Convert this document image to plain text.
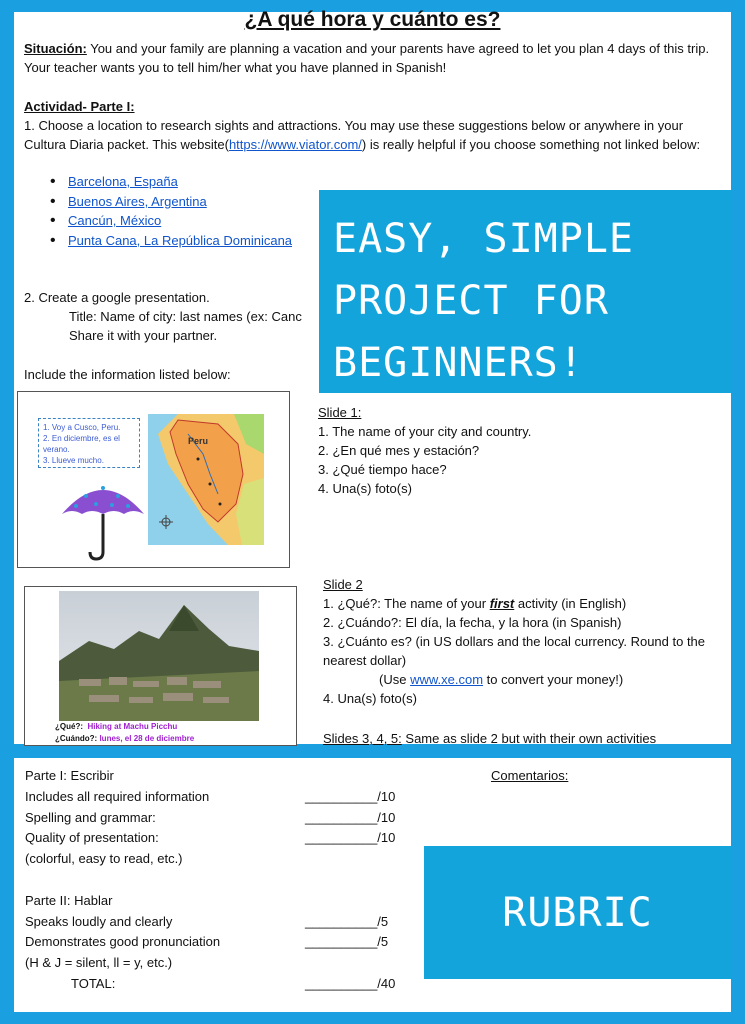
¿A qué hora y cuánto es?
Situación: You and your family are planning a vacation and your parents have agreed to let you plan 4 days of this trip. Your teacher wants you to tell him/her what you have planned in Spanish!
Actividad- Parte I:
1. Choose a location to research sights and attractions. You may use these suggestions below or anywhere in your Cultura Diaria packet. This website(https://www.viator.com/) is really helpful if you choose something not linked below:
• Barcelona, España
• Buenos Aires, Argentina
• Cancún, México
• Punta Cana, La República Dominicana
2. Create a google presentation.
Title: Name of city: last names (ex: Canc
Share it with your partner.
Include the information listed below:
EASY, SIMPLE
PROJECT FOR
BEGINNERS!
1. Voy a Cusco, Peru.
2. En diciembre, es el verano.
3. Llueve mucho.
Peru
Slide 1:
1. The name of your city and country.
2. ¿En qué mes y estación?
3. ¿Qué tiempo hace?
4. Una(s) foto(s)
¿Qué?: Hiking at Machu Picchu
¿Cuándo?: lunes, el 28 de diciembre
Slide 2
1. ¿Qué?: The name of your first activity (in English)
2. ¿Cuándo?: El día, la fecha, y la hora (in Spanish)
3. ¿Cuánto es? (in US dollars and the local currency. Round to the nearest dollar)
(Use www.xe.com to convert your money!)
4. Una(s) foto(s)
Slides 3, 4, 5: Same as slide 2 but with their own activities
Parte I: Escribir
Includes all required information	__________/10
Spelling and grammar:	__________/10
Quality of presentation:	__________/10
(colorful, easy to read, etc.)
Parte II: Hablar
Speaks loudly and clearly	__________/5
Demonstrates good pronunciation	__________/5
(H & J = silent, ll = y, etc.)
TOTAL:	__________/40
Comentarios:
RUBRIC
